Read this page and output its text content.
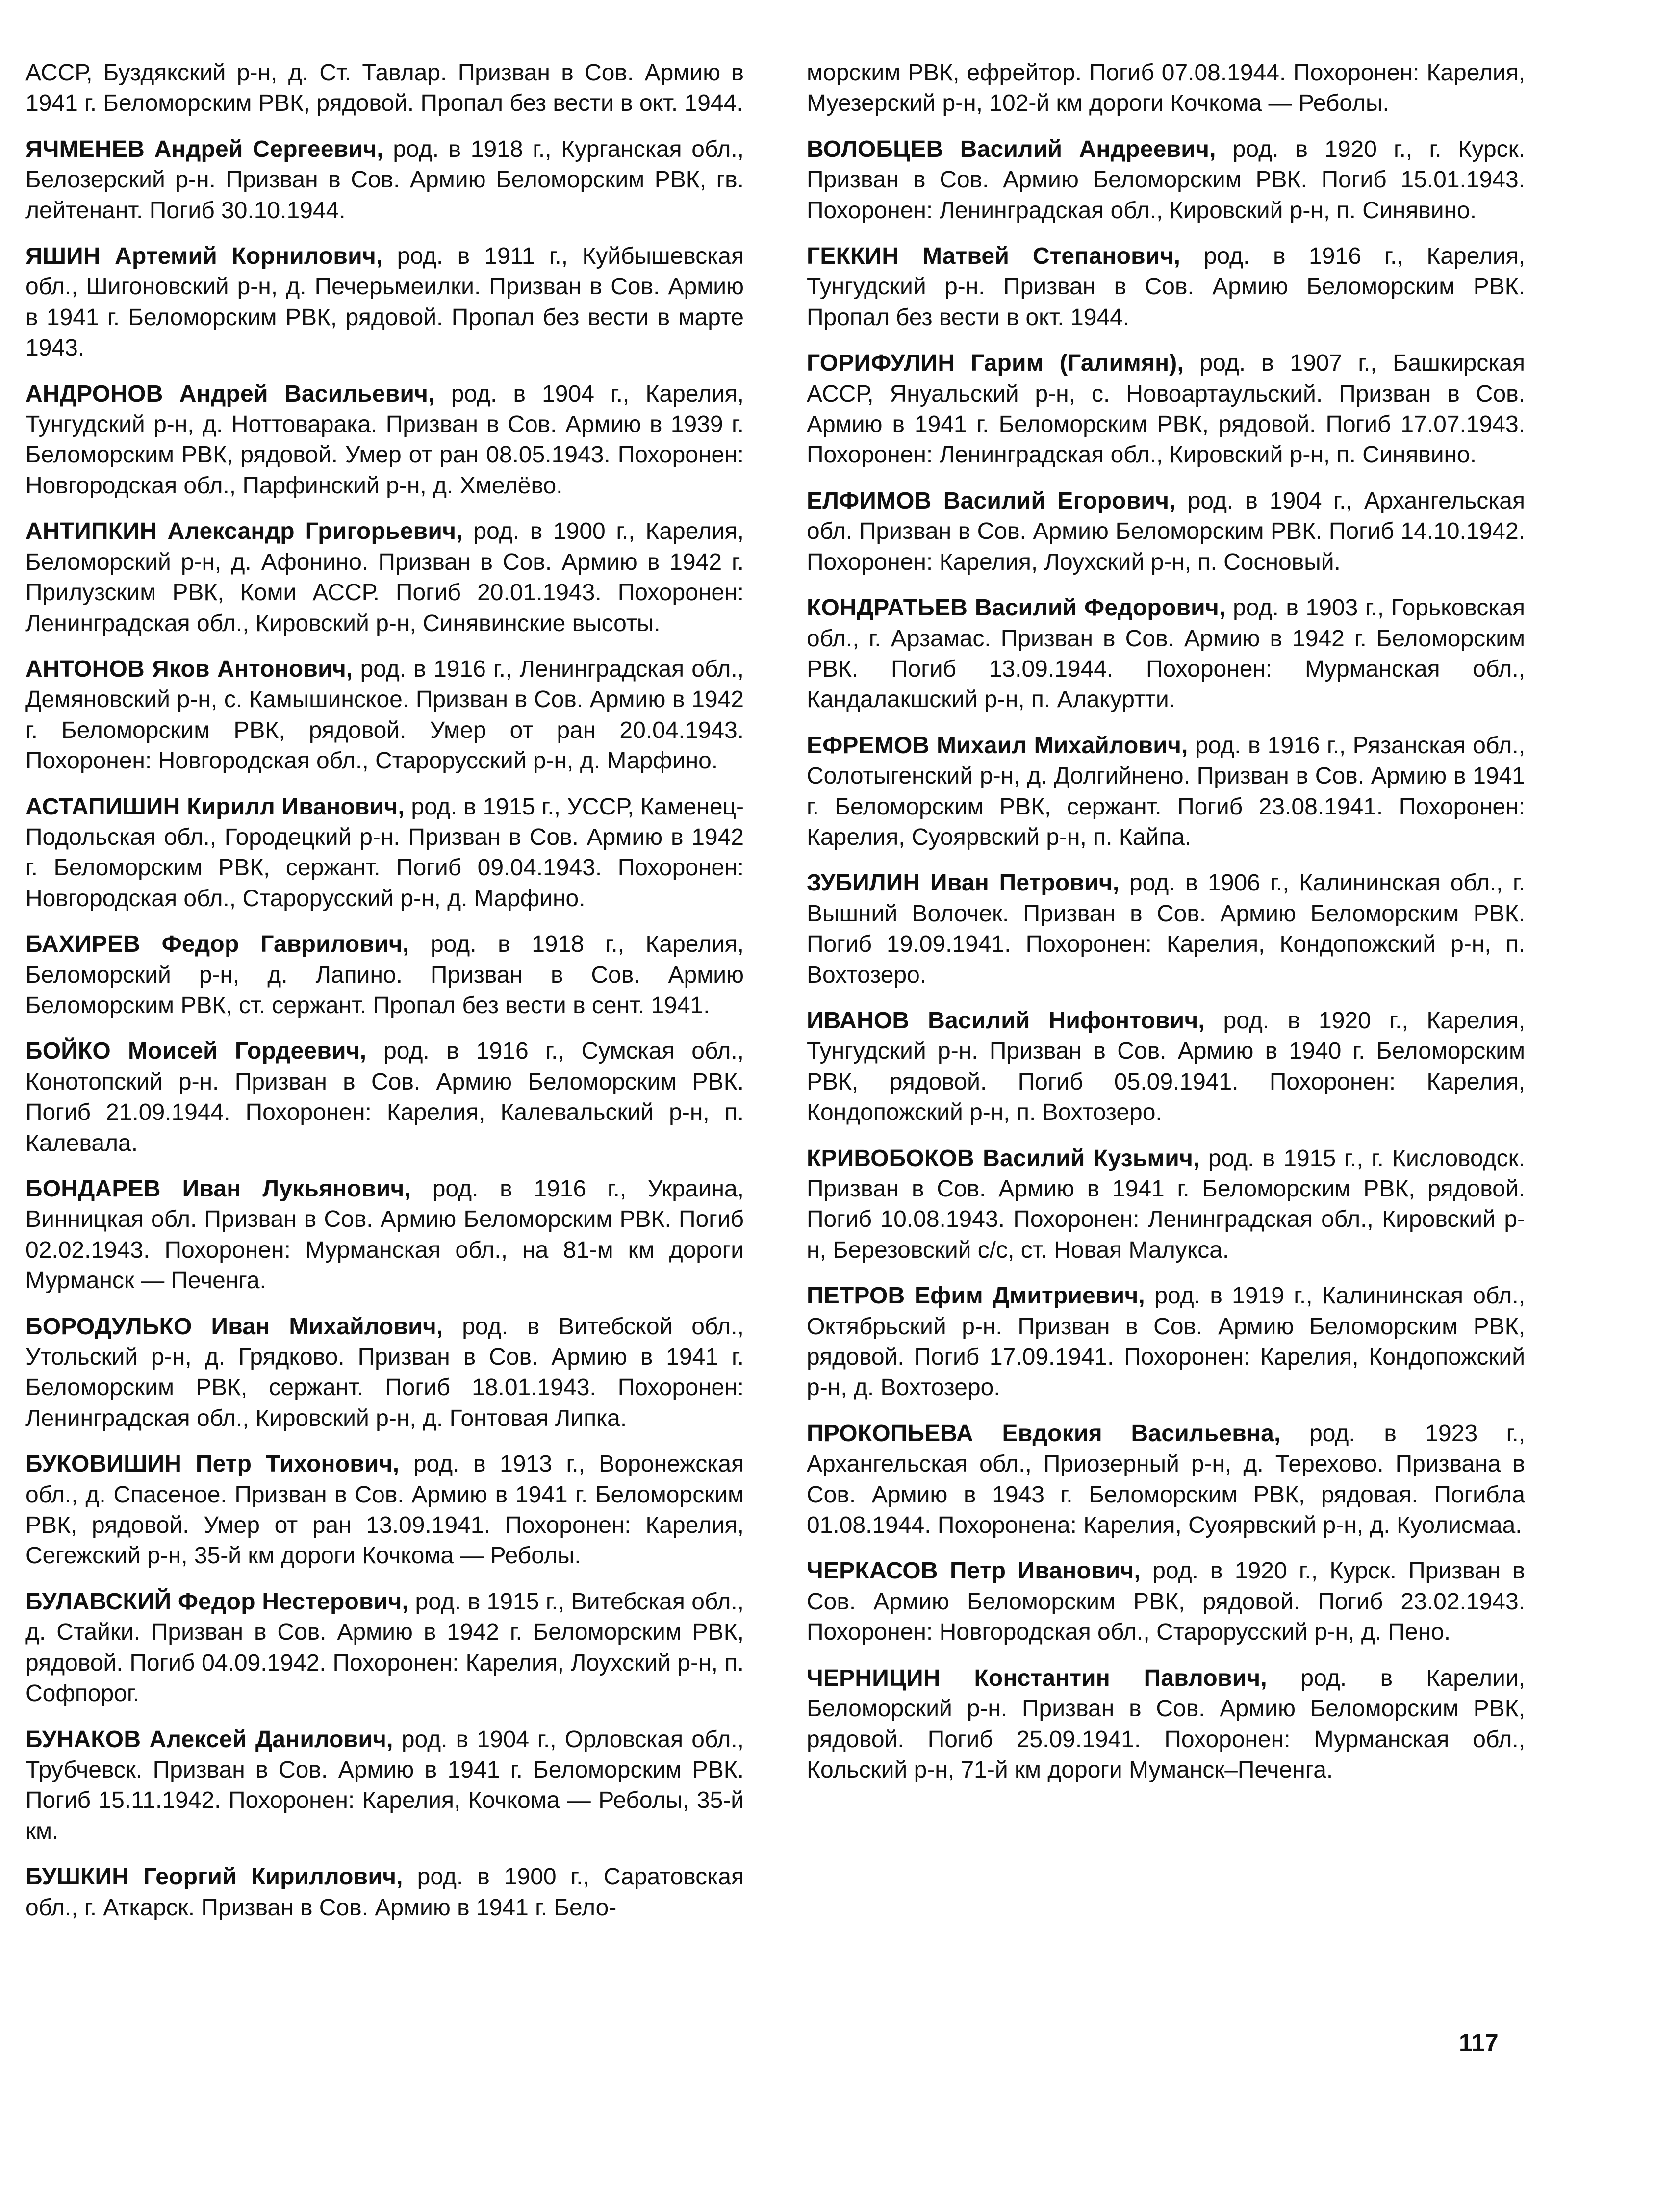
АССР, Буздякский р-н, д. Ст. Тавлар. Призван в Сов. Армию в 1941 г. Беломорским РВК, рядовой. Пропал без вести в окт. 1944.

ЯЧМЕНЕВ Андрей Сергеевич, род. в 1918 г., Курганская обл., Белозерский р-н. Призван в Сов. Армию Беломорским РВК, гв. лейтенант. Погиб 30.10.1944.

ЯШИН Артемий Корнилович, род. в 1911 г., Куйбышевская обл., Шигоновский р-н, д. Печерьмеилки. Призван в Сов. Армию в 1941 г. Беломорским РВК, рядовой. Пропал без вести в марте 1943.

АНДРОНОВ Андрей Васильевич, род. в 1904 г., Карелия, Тунгудский р-н, д. Ноттоварака. Призван в Сов. Армию в 1939 г. Беломорским РВК, рядовой. Умер от ран 08.05.1943. Похоронен: Новгородская обл., Парфинский р-н, д. Хмелёво.

АНТИПКИН Александр Григорьевич, род. в 1900 г., Карелия, Беломорский р-н, д. Афонино. Призван в Сов. Армию в 1942 г. Прилузским РВК, Коми АССР. Погиб 20.01.1943. Похоронен: Ленинградская обл., Кировский р-н, Синявинские высоты.

АНТОНОВ Яков Антонович, род. в 1916 г., Ленинградская обл., Демяновский р-н, с. Камышинское. Призван в Сов. Армию в 1942 г. Беломорским РВК, рядовой. Умер от ран 20.04.1943. Похоронен: Новгородская обл., Старорусский р-н, д. Марфино.

АСТАПИШИН Кирилл Иванович, род. в 1915 г., УССР, Каменец-Подольская обл., Городецкий р-н. Призван в Сов. Армию в 1942 г. Беломорским РВК, сержант. Погиб 09.04.1943. Похоронен: Новгородская обл., Старорусский р-н, д. Марфино.

БАХИРЕВ Федор Гаврилович, род. в 1918 г., Карелия, Беломорский р-н, д. Лапино. Призван в Сов. Армию Беломорским РВК, ст. сержант. Пропал без вести в сент. 1941.

БОЙКО Моисей Гордеевич, род. в 1916 г., Сумская обл., Конотопский р-н. Призван в Сов. Армию Беломорским РВК. Погиб 21.09.1944. Похоронен: Карелия, Калевальский р-н, п. Калевала.

БОНДАРЕВ Иван Лукьянович, род. в 1916 г., Украина, Винницкая обл. Призван в Сов. Армию Беломорским РВК. Погиб 02.02.1943. Похоронен: Мурманская обл., на 81-м км дороги Мурманск — Печенга.

БОРОДУЛЬКО Иван Михайлович, род. в Витебской обл., Утольский р-н, д. Грядково. Призван в Сов. Армию в 1941 г. Беломорским РВК, сержант. Погиб 18.01.1943. Похоронен: Ленинградская обл., Кировский р-н, д. Гонтовая Липка.

БУКОВИШИН Петр Тихонович, род. в 1913 г., Воронежская обл., д. Спасеное. Призван в Сов. Армию в 1941 г. Беломорским РВК, рядовой. Умер от ран 13.09.1941. Похоронен: Карелия, Сегежский р-н, 35-й км дороги Кочкома — Реболы.

БУЛАВСКИЙ Федор Нестерович, род. в 1915 г., Витебская обл., д. Стайки. Призван в Сов. Армию в 1942 г. Беломорским РВК, рядовой. Погиб 04.09.1942. Похоронен: Карелия, Лоухский р-н, п. Софпорог.

БУНАКОВ Алексей Данилович, род. в 1904 г., Орловская обл., Трубчевск. Призван в Сов. Армию в 1941 г. Беломорским РВК. Погиб 15.11.1942. Похоронен: Карелия, Кочкома — Реболы, 35-й км.

БУШКИН Георгий Кириллович, род. в 1900 г., Саратовская обл., г. Аткарск. Призван в Сов. Армию в 1941 г. Бело-

морским РВК, ефрейтор. Погиб 07.08.1944. Похоронен: Карелия, Муезерский р-н, 102-й км дороги Кочкома — Реболы.

ВОЛОБЦЕВ Василий Андреевич, род. в 1920 г., г. Курск. Призван в Сов. Армию Беломорским РВК. Погиб 15.01.1943. Похоронен: Ленинградская обл., Кировский р-н, п. Синявино.

ГЕККИН Матвей Степанович, род. в 1916 г., Карелия, Тунгудский р-н. Призван в Сов. Армию Беломорским РВК. Пропал без вести в окт. 1944.

ГОРИФУЛИН Гарим (Галимян), род. в 1907 г., Башкирская АССР, Януальский р-н, с. Новоартаульский. Призван в Сов. Армию в 1941 г. Беломорским РВК, рядовой. Погиб 17.07.1943. Похоронен: Ленинградская обл., Кировский р-н, п. Синявино.

ЕЛФИМОВ Василий Егорович, род. в 1904 г., Архангельская обл. Призван в Сов. Армию Беломорским РВК. Погиб 14.10.1942. Похоронен: Карелия, Лоухский р-н, п. Сосновый.

КОНДРАТЬЕВ Василий Федорович, род. в 1903 г., Горьковская обл., г. Арзамас. Призван в Сов. Армию в 1942 г. Беломорским РВК. Погиб 13.09.1944. Похоронен: Мурманская обл., Кандалакшский р-н, п. Алакуртти.

ЕФРЕМОВ Михаил Михайлович, род. в 1916 г., Рязанская обл., Солотыгенский р-н, д. Долгийнено. Призван в Сов. Армию в 1941 г. Беломорским РВК, сержант. Погиб 23.08.1941. Похоронен: Карелия, Суоярвский р-н, п. Кайпа.

ЗУБИЛИН Иван Петрович, род. в 1906 г., Калининская обл., г. Вышний Волочек. Призван в Сов. Армию Беломорским РВК. Погиб 19.09.1941. Похоронен: Карелия, Кондопожский р-н, п. Вохтозеро.

ИВАНОВ Василий Нифонтович, род. в 1920 г., Карелия, Тунгудский р-н. Призван в Сов. Армию в 1940 г. Беломорским РВК, рядовой. Погиб 05.09.1941. Похоронен: Карелия, Кондопожский р-н, п. Вохтозеро.

КРИВОБОКОВ Василий Кузьмич, род. в 1915 г., г. Кисловодск. Призван в Сов. Армию в 1941 г. Беломорским РВК, рядовой. Погиб 10.08.1943. Похоронен: Ленинградская обл., Кировский р-н, Березовский с/с, ст. Новая Малукса.

ПЕТРОВ Ефим Дмитриевич, род. в 1919 г., Калининская обл., Октябрьский р-н. Призван в Сов. Армию Беломорским РВК, рядовой. Погиб 17.09.1941. Похоронен: Карелия, Кондопожский р-н, д. Вохтозеро.

ПРОКОПЬЕВА Евдокия Васильевна, род. в 1923 г., Архангельская обл., Приозерный р-н, д. Терехово. Призвана в Сов. Армию в 1943 г. Беломорским РВК, рядовая. Погибла 01.08.1944. Похоронена: Карелия, Суоярвский р-н, д. Куолисмаа.

ЧЕРКАСОВ Петр Иванович, род. в 1920 г., Курск. Призван в Сов. Армию Беломорским РВК, рядовой. Погиб 23.02.1943. Похоронен: Новгородская обл., Старорусский р-н, д. Пено.

ЧЕРНИЦИН Константин Павлович, род. в Карелии, Беломорский р-н. Призван в Сов. Армию Беломорским РВК, рядовой. Погиб 25.09.1941. Похоронен: Мурманская обл., Кольский р-н, 71-й км дороги Муманск–Печенга.

117
